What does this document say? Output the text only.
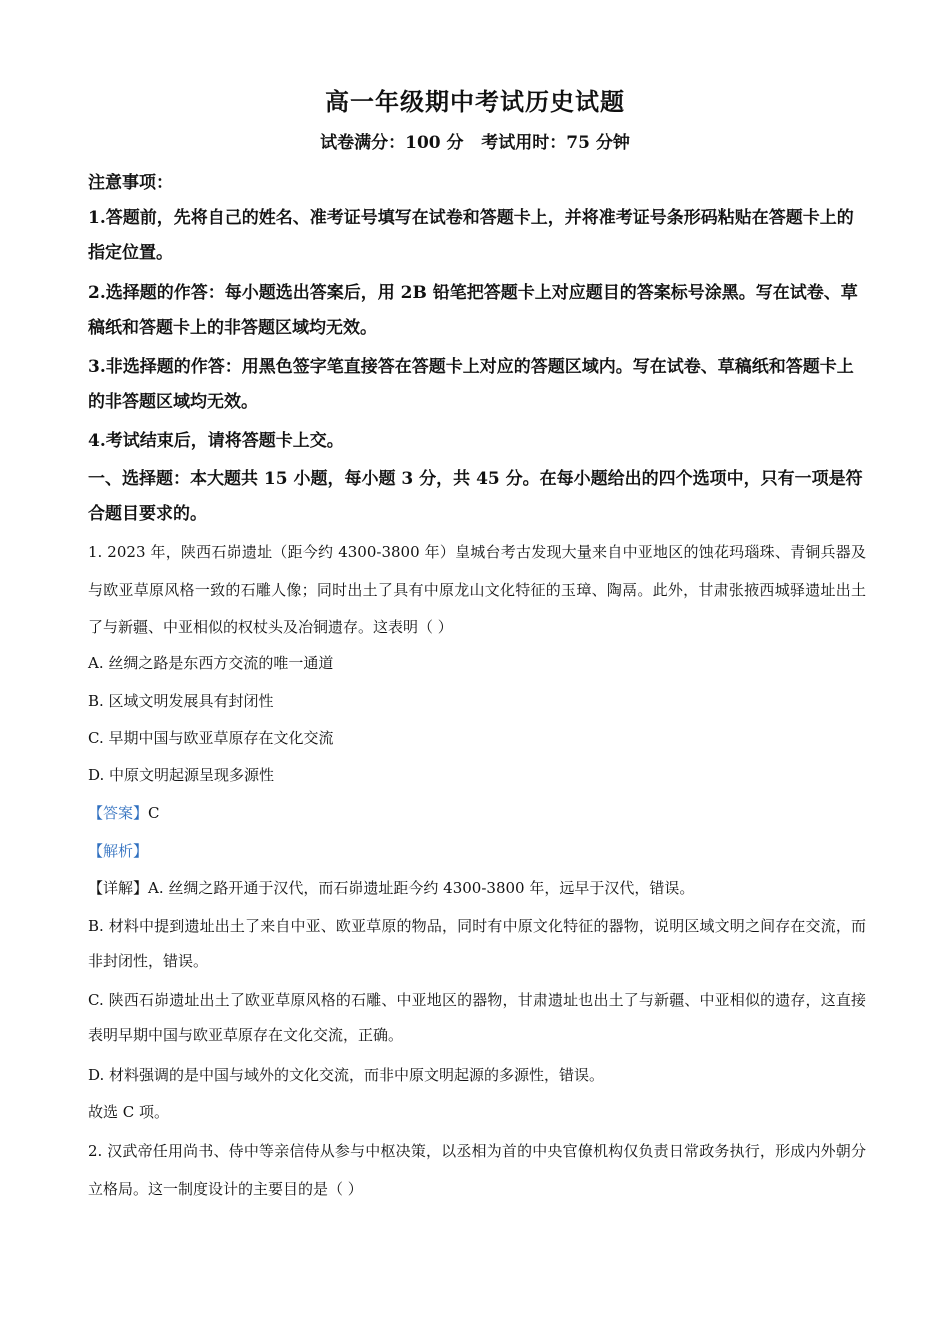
高一年级期中考试历史试题
试卷满分：100 分   考试用时：75 分钟
注意事项：
1.答题前，先将自己的姓名、准考证号填写在试卷和答题卡上，并将准考证号条形码粘贴在答题卡上的指定位置。
2.选择题的作答：每小题选出答案后，用 2B 铅笔把答题卡上对应题目的答案标号涂黑。写在试卷、草稿纸和答题卡上的非答题区域均无效。
3.非选择题的作答：用黑色签字笔直接答在答题卡上对应的答题区域内。写在试卷、草稿纸和答题卡上的非答题区域均无效。
4.考试结束后，请将答题卡上交。
一、选择题：本大题共 15 小题，每小题 3 分，共 45 分。在每小题给出的四个选项中，只有一项是符合题目要求的。
1. 2023 年，陕西石峁遗址（距今约 4300-3800 年）皇城台考古发现大量来自中亚地区的蚀花玛瑙珠、青铜兵器及与欧亚草原风格一致的石雕人像；同时出土了具有中原龙山文化特征的玉璋、陶鬲。此外，甘肃张掖西城驿遗址出土了与新疆、中亚相似的权杖头及冶铜遗存。这表明（ ）
A. 丝绸之路是东西方交流的唯一通道
B. 区域文明发展具有封闭性
C. 早期中国与欧亚草原存在文化交流
D. 中原文明起源呈现多源性
【答案】C
【解析】
【详解】A. 丝绸之路开通于汉代，而石峁遗址距今约 4300-3800 年，远早于汉代，错误。
B. 材料中提到遗址出土了来自中亚、欧亚草原的物品，同时有中原文化特征的器物，说明区域文明之间存在交流，而非封闭性，错误。
C. 陕西石峁遗址出土了欧亚草原风格的石雕、中亚地区的器物，甘肃遗址也出土了与新疆、中亚相似的遗存，这直接表明早期中国与欧亚草原存在文化交流，正确。
D. 材料强调的是中国与域外的文化交流，而非中原文明起源的多源性，错误。
故选 C 项。
2. 汉武帝任用尚书、侍中等亲信侍从参与中枢决策，以丞相为首的中央官僚机构仅负责日常政务执行，形成内外朝分立格局。这一制度设计的主要目的是（ ）
